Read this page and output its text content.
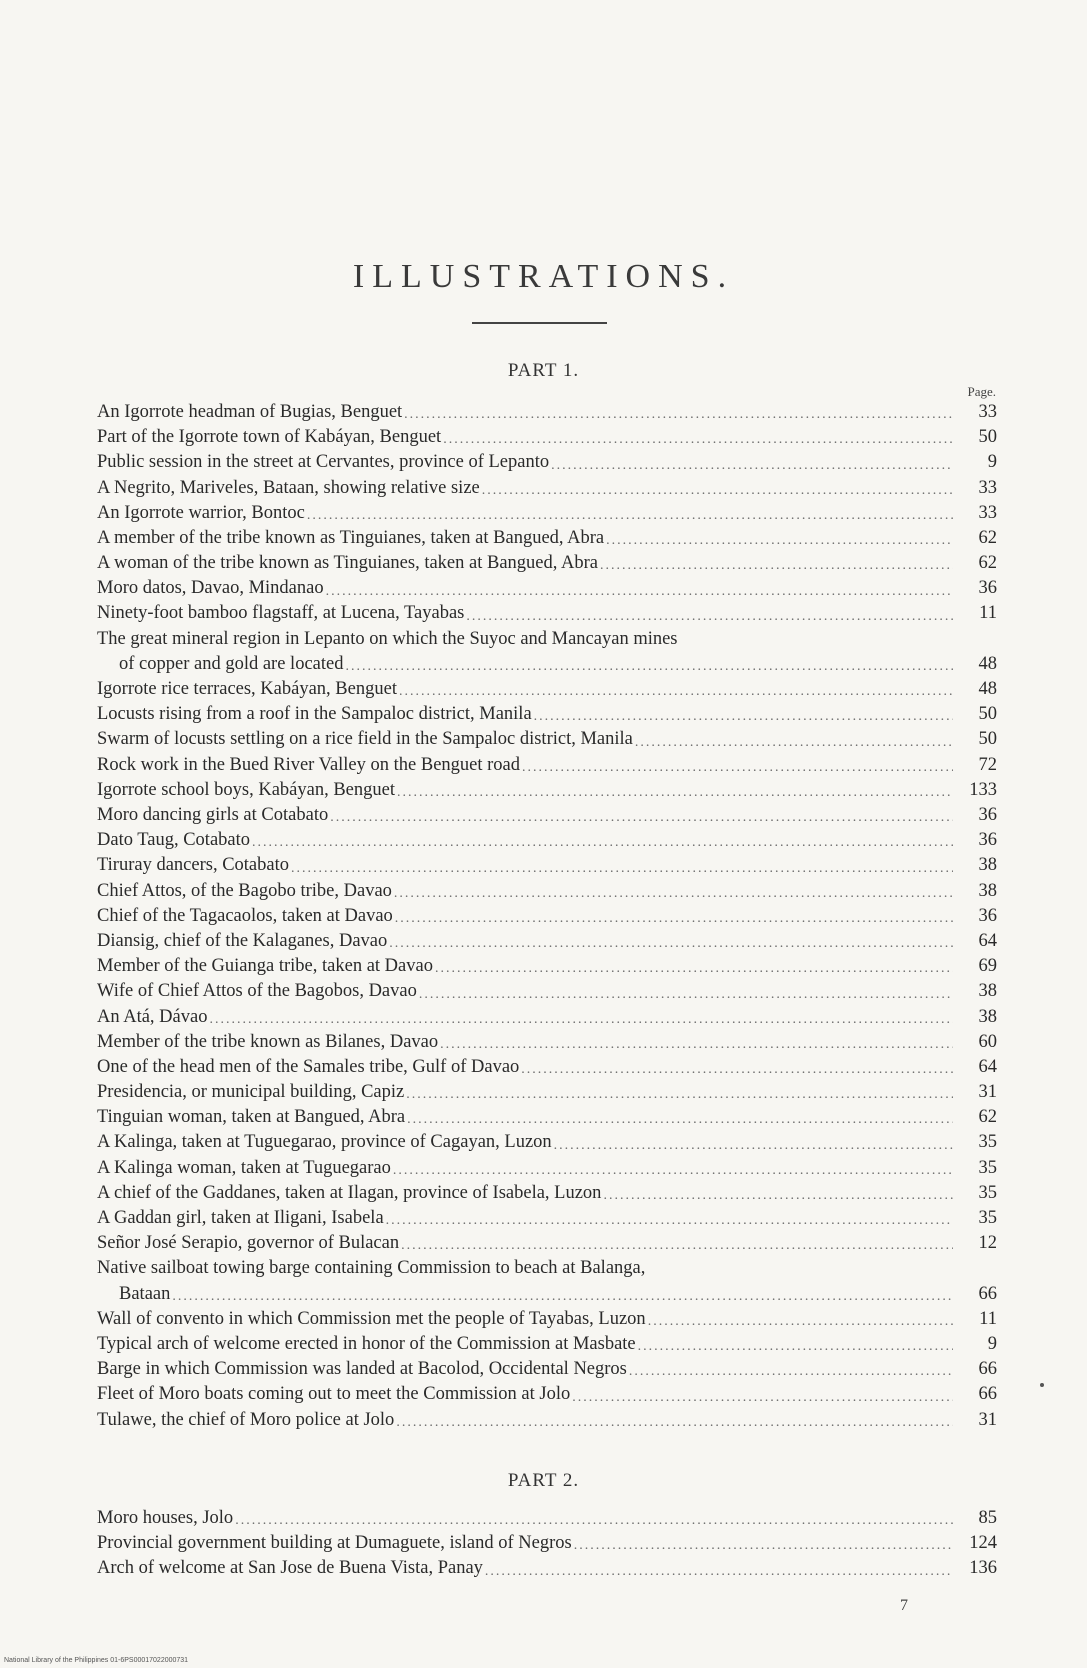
ILLUSTRATIONS.
PART 1.
Page.
An Igorrote headman of Bugias, Benguet .....	33
Part of the Igorrote town of Kabáyan, Benguet .....	50
Public session in the street at Cervantes, province of Lepanto .....	9
A Negrito, Mariveles, Bataan, showing relative size .....	33
An Igorrote warrior, Bontoc .....	33
A member of the tribe known as Tinguianes, taken at Bangued, Abra .....	62
A woman of the tribe known as Tinguianes, taken at Bangued, Abra .....	62
Moro datos, Davao, Mindanao .....	36
Ninety-foot bamboo flagstaff, at Lucena, Tayabas .....	11
The great mineral region in Lepanto on which the Suyoc and Mancayan mines
of copper and gold are located .....	48
Igorrote rice terraces, Kabáyan, Benguet .....	48
Locusts rising from a roof in the Sampaloc district, Manila .....	50
Swarm of locusts settling on a rice field in the Sampaloc district, Manila .....	50
Rock work in the Bued River Valley on the Benguet road .....	72
Igorrote school boys, Kabáyan, Benguet .....	133
Moro dancing girls at Cotabato .....	36
Dato Taug, Cotabato .....	36
Tiruray dancers, Cotabato .....	38
Chief Attos, of the Bagobo tribe, Davao .....	38
Chief of the Tagacaolos, taken at Davao .....	36
Diansig, chief of the Kalaganes, Davao .....	64
Member of the Guianga tribe, taken at Davao .....	69
Wife of Chief Attos of the Bagobos, Davao .....	38
An Atá, Dávao .....	38
Member of the tribe known as Bilanes, Davao .....	60
One of the head men of the Samales tribe, Gulf of Davao .....	64
Presidencia, or municipal building, Capiz .....	31
Tinguian woman, taken at Bangued, Abra .....	62
A Kalinga, taken at Tuguegarao, province of Cagayan, Luzon .....	35
A Kalinga woman, taken at Tuguegarao .....	35
A chief of the Gaddanes, taken at Ilagan, province of Isabela, Luzon .....	35
A Gaddan girl, taken at Iligani, Isabela .....	35
Señor José Serapio, governor of Bulacan .....	12
Native sailboat towing barge containing Commission to beach at Balanga,
Bataan .....	66
Wall of convento in which Commission met the people of Tayabas, Luzon .....	11
Typical arch of welcome erected in honor of the Commission at Masbate .....	9
Barge in which Commission was landed at Bacolod, Occidental Negros .....	66
Fleet of Moro boats coming out to meet the Commission at Jolo .....	66
Tulawe, the chief of Moro police at Jolo .....	31
PART 2.
Moro houses, Jolo .....	85
Provincial government building at Dumaguete, island of Negros .....	124
Arch of welcome at San Jose de Buena Vista, Panay .....	136
7
National Library of the Philippines 01-6PS00017022000731
